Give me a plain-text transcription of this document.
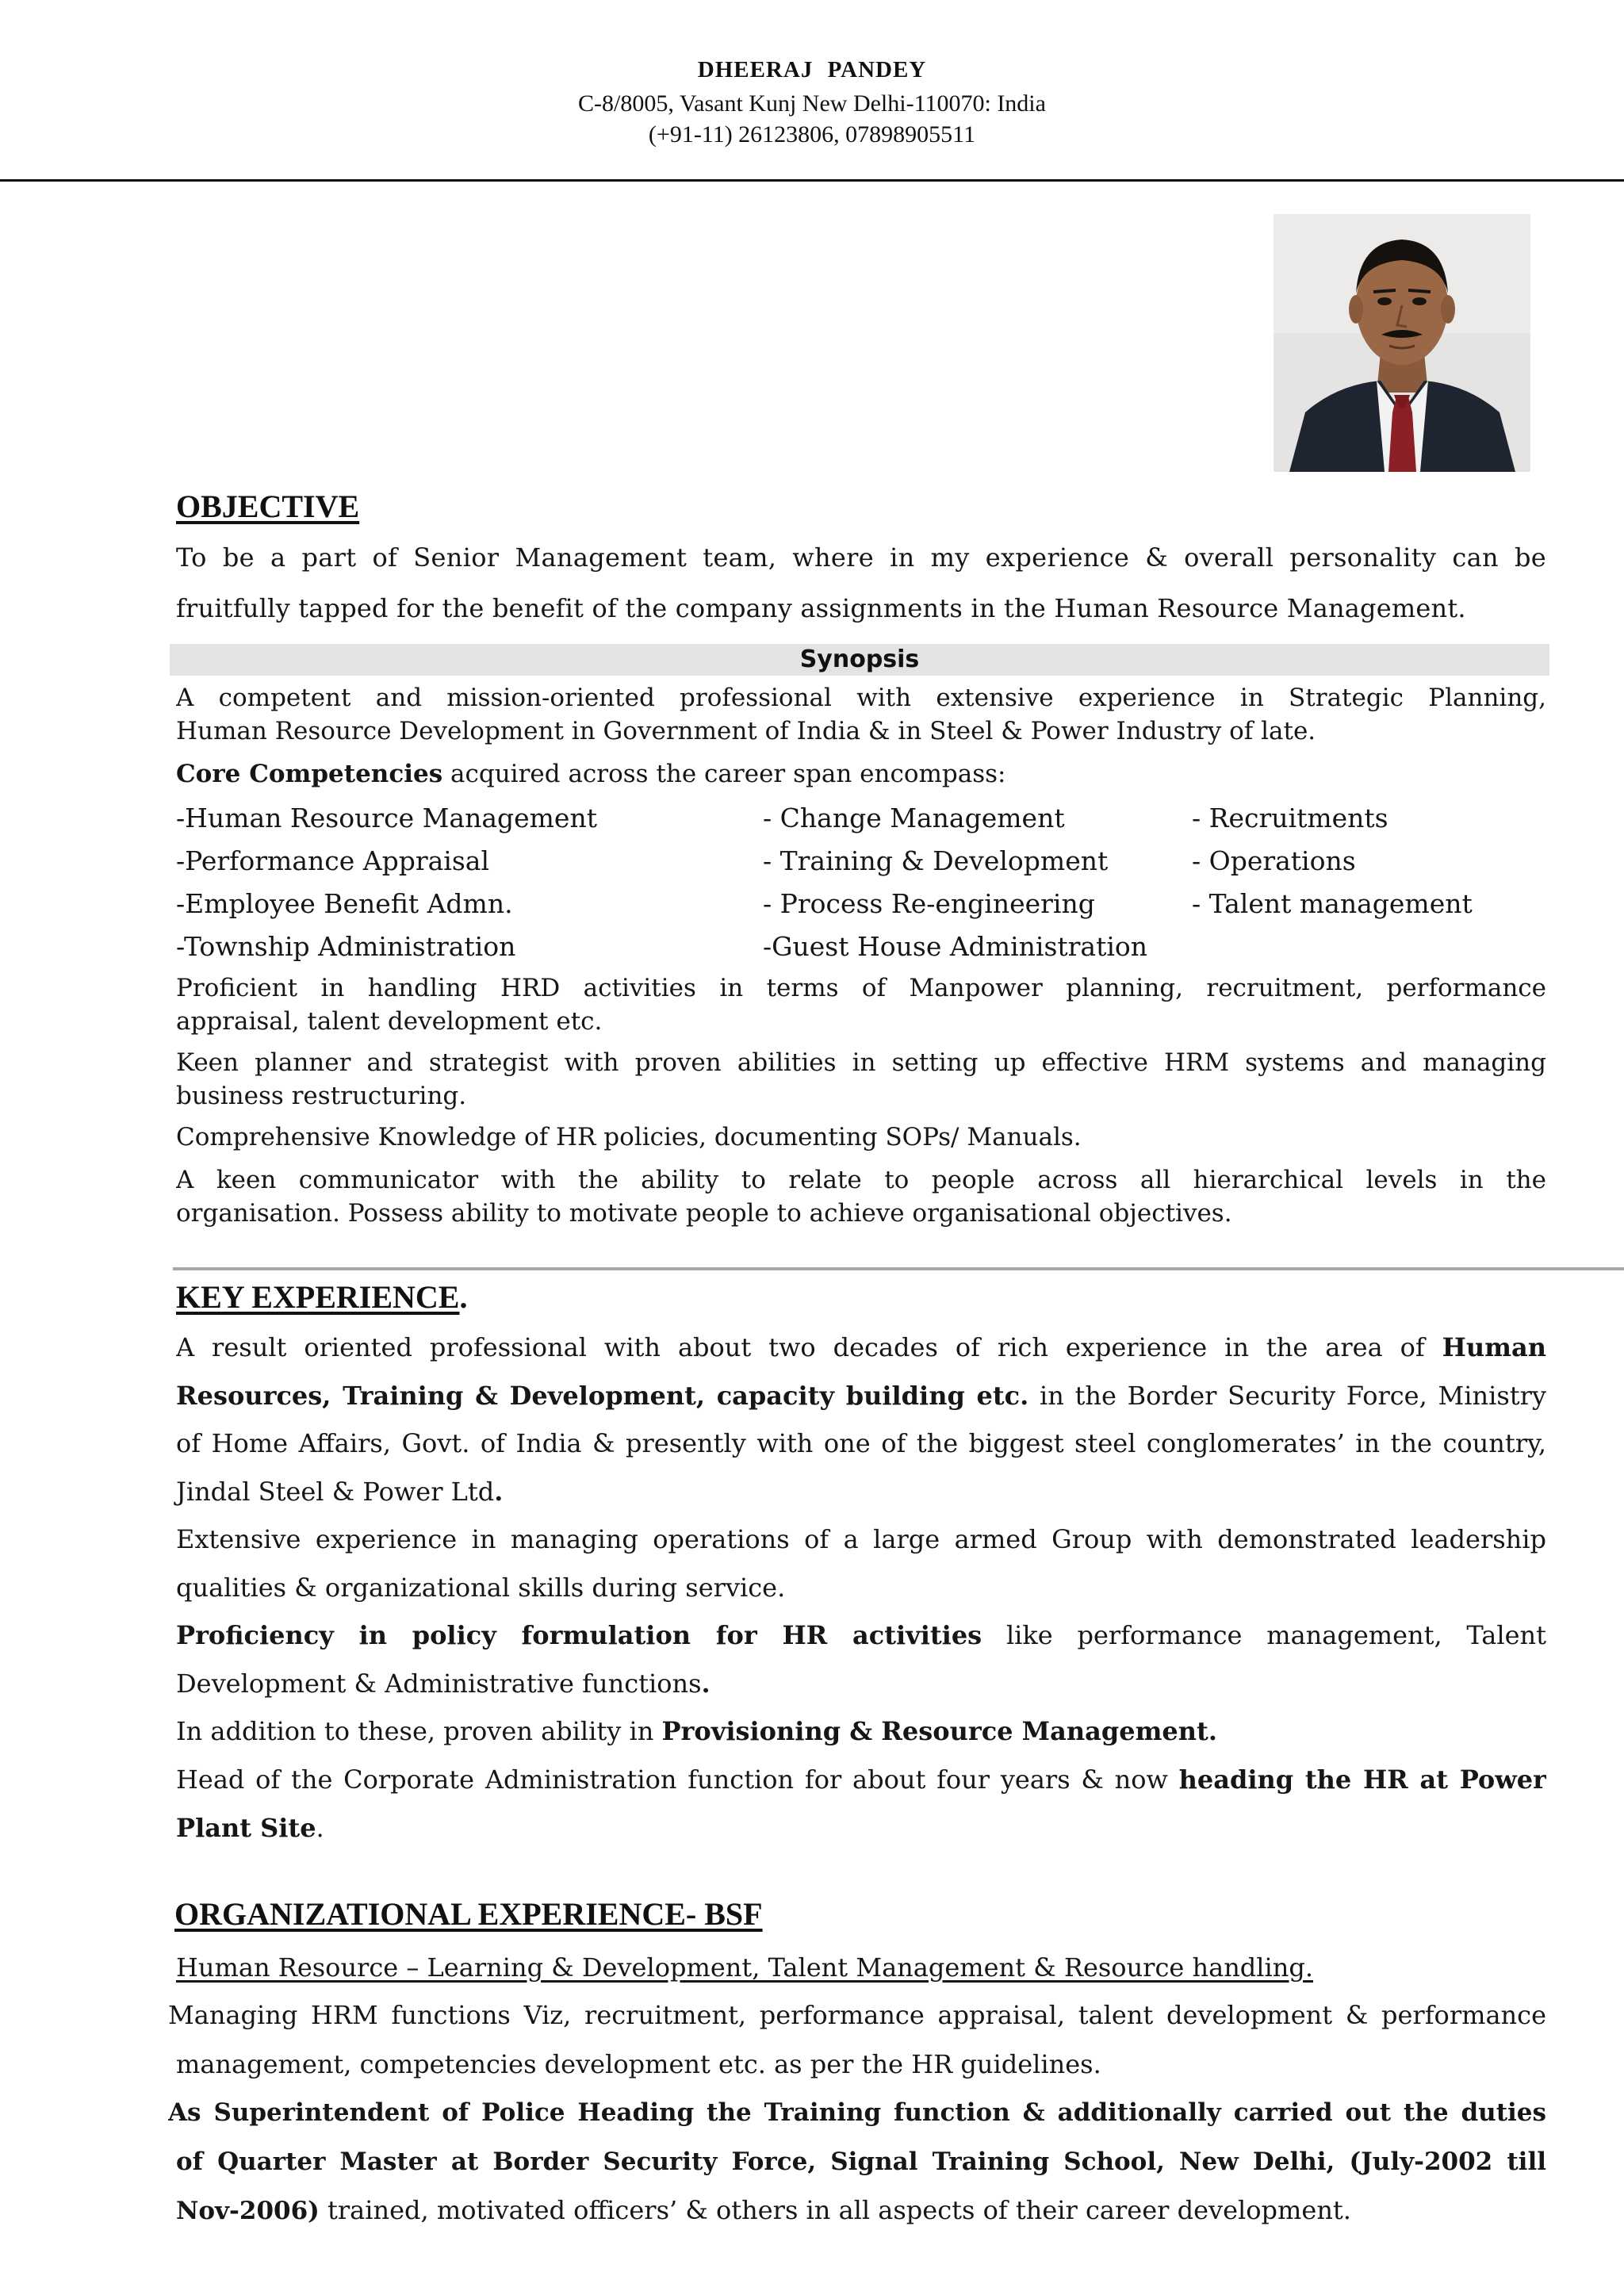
DHEERAJ PANDEY
C-8/8005, Vasant Kunj New Delhi-110070: India
(+91-11) 26123806, 07898905511
OBJECTIVE
To be a part of Senior Management team, where in my experience & overall personality can be
fruitfully tapped for the benefit of the company assignments in the Human Resource Management.
Synopsis
A competent and mission-oriented professional with extensive experience in Strategic Planning,
Human Resource Development in Government of India & in Steel & Power Industry of late.
Core Competencies acquired across the career span encompass:
-Human Resource Management	- Change Management	- Recruitments
-Performance Appraisal	- Training & Development	- Operations
-Employee Benefit Admn.	- Process Re-engineering	- Talent management
-Township Administration	-Guest House Administration
Proficient in handling HRD activities in terms of Manpower planning, recruitment, performance
appraisal, talent development etc.
Keen planner and strategist with proven abilities in setting up effective HRM systems and managing
business restructuring.
Comprehensive Knowledge of HR policies, documenting SOPs/ Manuals.
A keen communicator with the ability to relate to people across all hierarchical levels in the
organisation. Possess ability to motivate people to achieve organisational objectives.
KEY EXPERIENCE.
A result oriented professional with about two decades of rich experience in the area of Human
Resources, Training & Development, capacity building etc. in the Border Security Force, Ministry
of Home Affairs, Govt. of India & presently with one of the biggest steel conglomerates’ in the country,
Jindal Steel & Power Ltd.
Extensive experience in managing operations of a large armed Group with demonstrated leadership
qualities & organizational skills during service.
Proficiency in policy formulation for HR activities like performance management, Talent
Development & Administrative functions.
In addition to these, proven ability in Provisioning & Resource Management.
Head of the Corporate Administration function for about four years & now heading the HR at Power
Plant Site.
ORGANIZATIONAL EXPERIENCE- BSF
Human Resource – Learning & Development, Talent Management & Resource handling.
Managing HRM functions Viz, recruitment, performance appraisal, talent development & performance
management, competencies development etc. as per the HR guidelines.
As Superintendent of Police Heading the Training function & additionally carried out the duties
of Quarter Master at Border Security Force, Signal Training School, New Delhi, (July-2002 till
Nov-2006) trained, motivated officers’ & others in all aspects of their career development.
